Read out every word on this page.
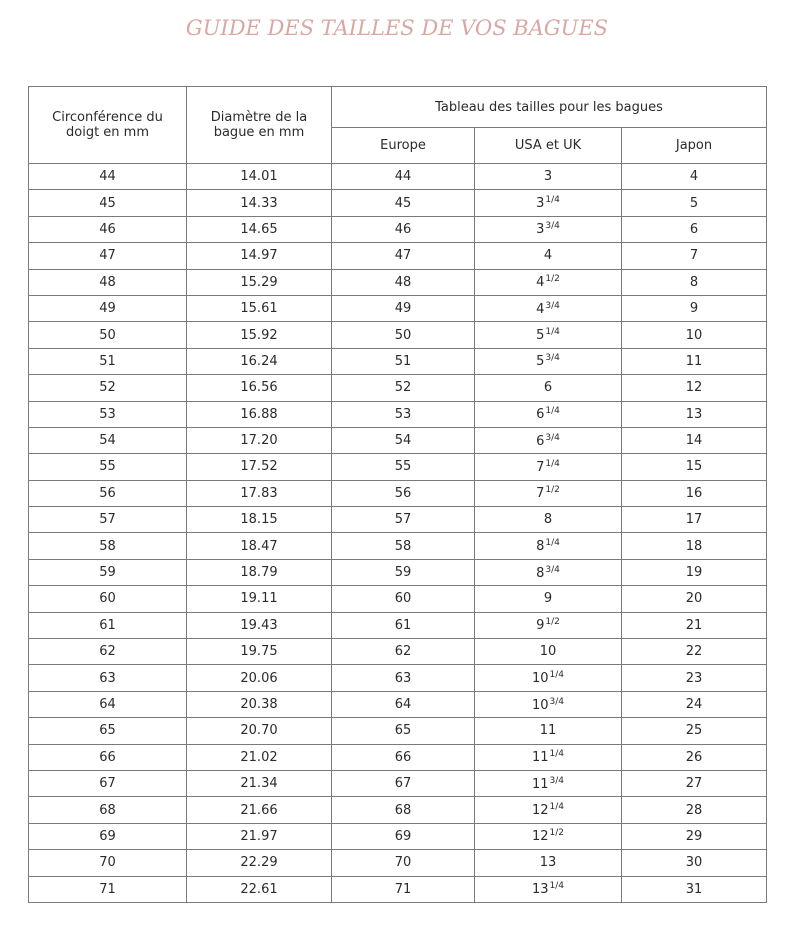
GUIDE DES TAILLES DE VOS BAGUES
Circonférence du doigt en mm	Diamètre de la bague en mm	Tableau des tailles pour les bagues		
		Europe	USA et UK	Japon
44	14.01	44	3	4
45	14.33	45	$3^{1/4}$	5
46	14.65	46	$3^{3/4}$	6
47	14.97	47	4	7
48	15.29	48	$4^{1/2}$	8
49	15.61	49	$4^{3/4}$	9
50	15.92	50	$5^{1/4}$	10
51	16.24	51	$5^{3/4}$	11
52	16.56	52	6	12
53	16.88	53	$6^{1/4}$	13
54	17.20	54	$6^{3/4}$	14
55	17.52	55	$7^{1/4}$	15
56	17.83	56	$7^{1/2}$	16
57	18.15	57	8	17
58	18.47	58	$8^{1/4}$	18
59	18.79	59	$8^{3/4}$	19
60	19.11	60	9	20
61	19.43	61	$9^{1/2}$	21
62	19.75	62	10	22
63	20.06	63	$10^{1/4}$	23
64	20.38	64	$10^{3/4}$	24
65	20.70	65	11	25
66	21.02	66	$11^{1/4}$	26
67	21.34	67	$11^{3/4}$	27
68	21.66	68	$12^{1/4}$	28
69	21.97	69	$12^{1/2}$	29
70	22.29	70	13	30
71	22.61	71	$13^{1/4}$	31
